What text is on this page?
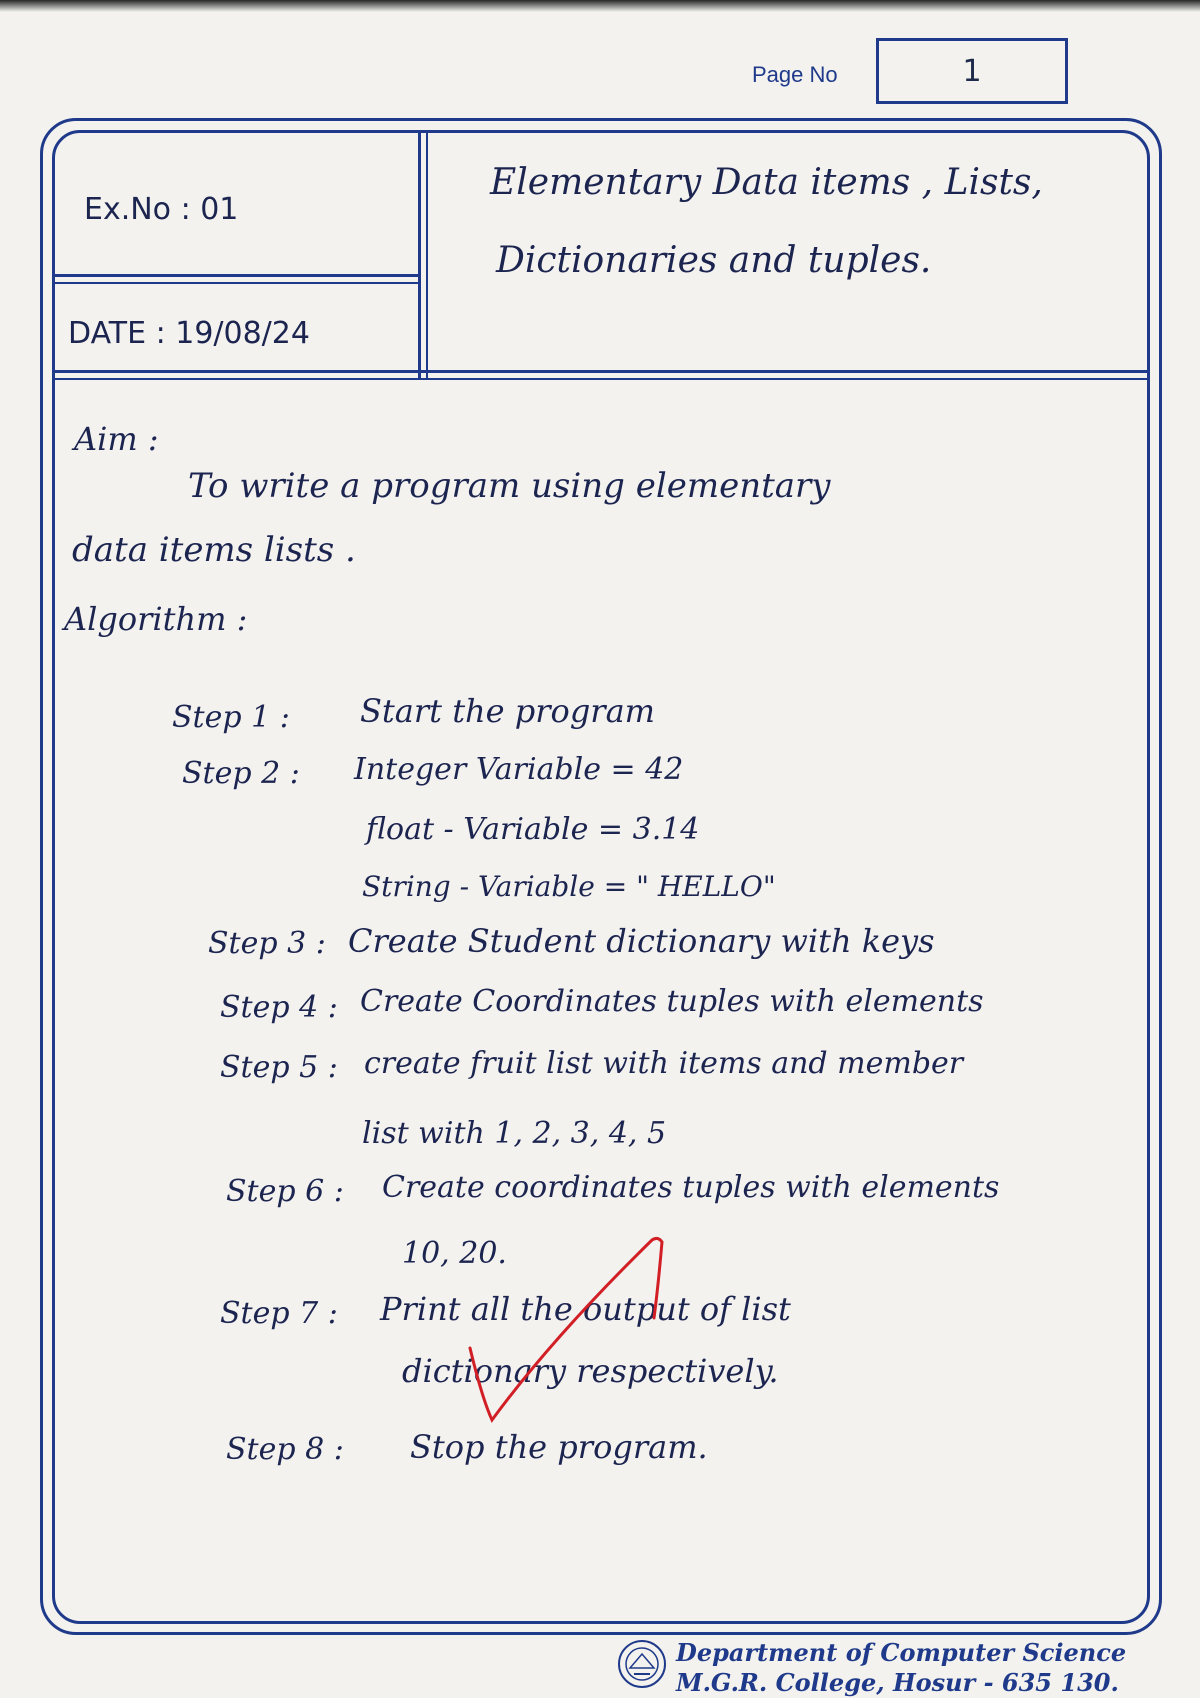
Page No	1
Ex.No : 01
DATE : 19/08/24
Elementary Data items , Lists,
Dictionaries and tuples.
Aim :
To write a program using elementary
data items lists .
Algorithm :
Step 1 : Start the program
Step 2 : Integer Variable = 42
float - Variable = 3.14
String - Variable = " HELLO"
Step 3 : Create Student dictionary with keys
Step 4 : Create Coordinates tuples with elements
Step 5 : create fruit list with items and member
list with 1, 2, 3, 4, 5
Step 6 : Create coordinates tuples with elements
10, 20.
Step 7 : Print all the output of list
dictionary respectively.
Step 8 : Stop the program.
Department of Computer Science
M.G.R. College, Hosur - 635 130.
